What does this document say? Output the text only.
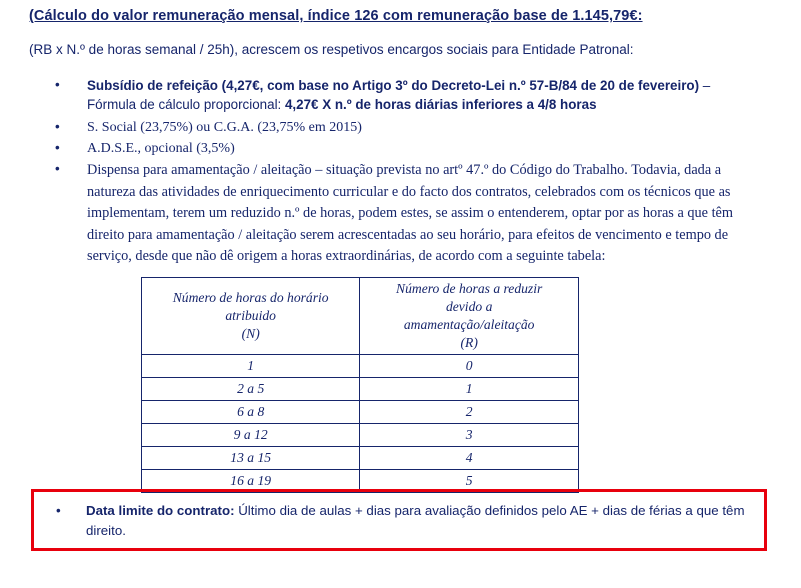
(Cálculo do valor remuneração mensal, índice 126 com remuneração base de 1.145,79€:
(RB x N.º de horas semanal / 25h), acrescem os respetivos encargos sociais para Entidade Patronal:
•	Subsídio de refeição (4,27€, com base no Artigo 3º do Decreto-Lei n.º 57-B/84 de 20 de fevereiro) – Fórmula de cálculo proporcional: 4,27€ X n.º de horas diárias inferiores a 4/8 horas
•	S. Social (23,75%) ou C.G.A. (23,75% em 2015)
•	A.D.S.E., opcional (3,5%)
•	Dispensa para amamentação / aleitação – situação prevista no artº 47.º do Código do Trabalho. Todavia, dada a natureza das atividades de enriquecimento curricular e do facto dos contratos, celebrados com os técnicos que as implementam, terem um reduzido n.º de horas, podem estes, se assim o entenderem, optar por as horas a que têm direito para amamentação / aleitação serem acrescentadas ao seu horário, para efeitos de vencimento e tempo de serviço, desde que não dê origem a horas extraordinárias, de acordo com a seguinte tabela:
Número de horas do horário
atribuido
(N)

Número de horas a reduzir
devido a
amamentação/aleitação
(R)

1	0
2 a 5	1
6 a 8	2
9 a 12	3
13 a 15	4
16 a 19	5
•	Data limite do contrato: Último dia de aulas + dias para avaliação definidos pelo AE + dias de férias a que têm direito.
